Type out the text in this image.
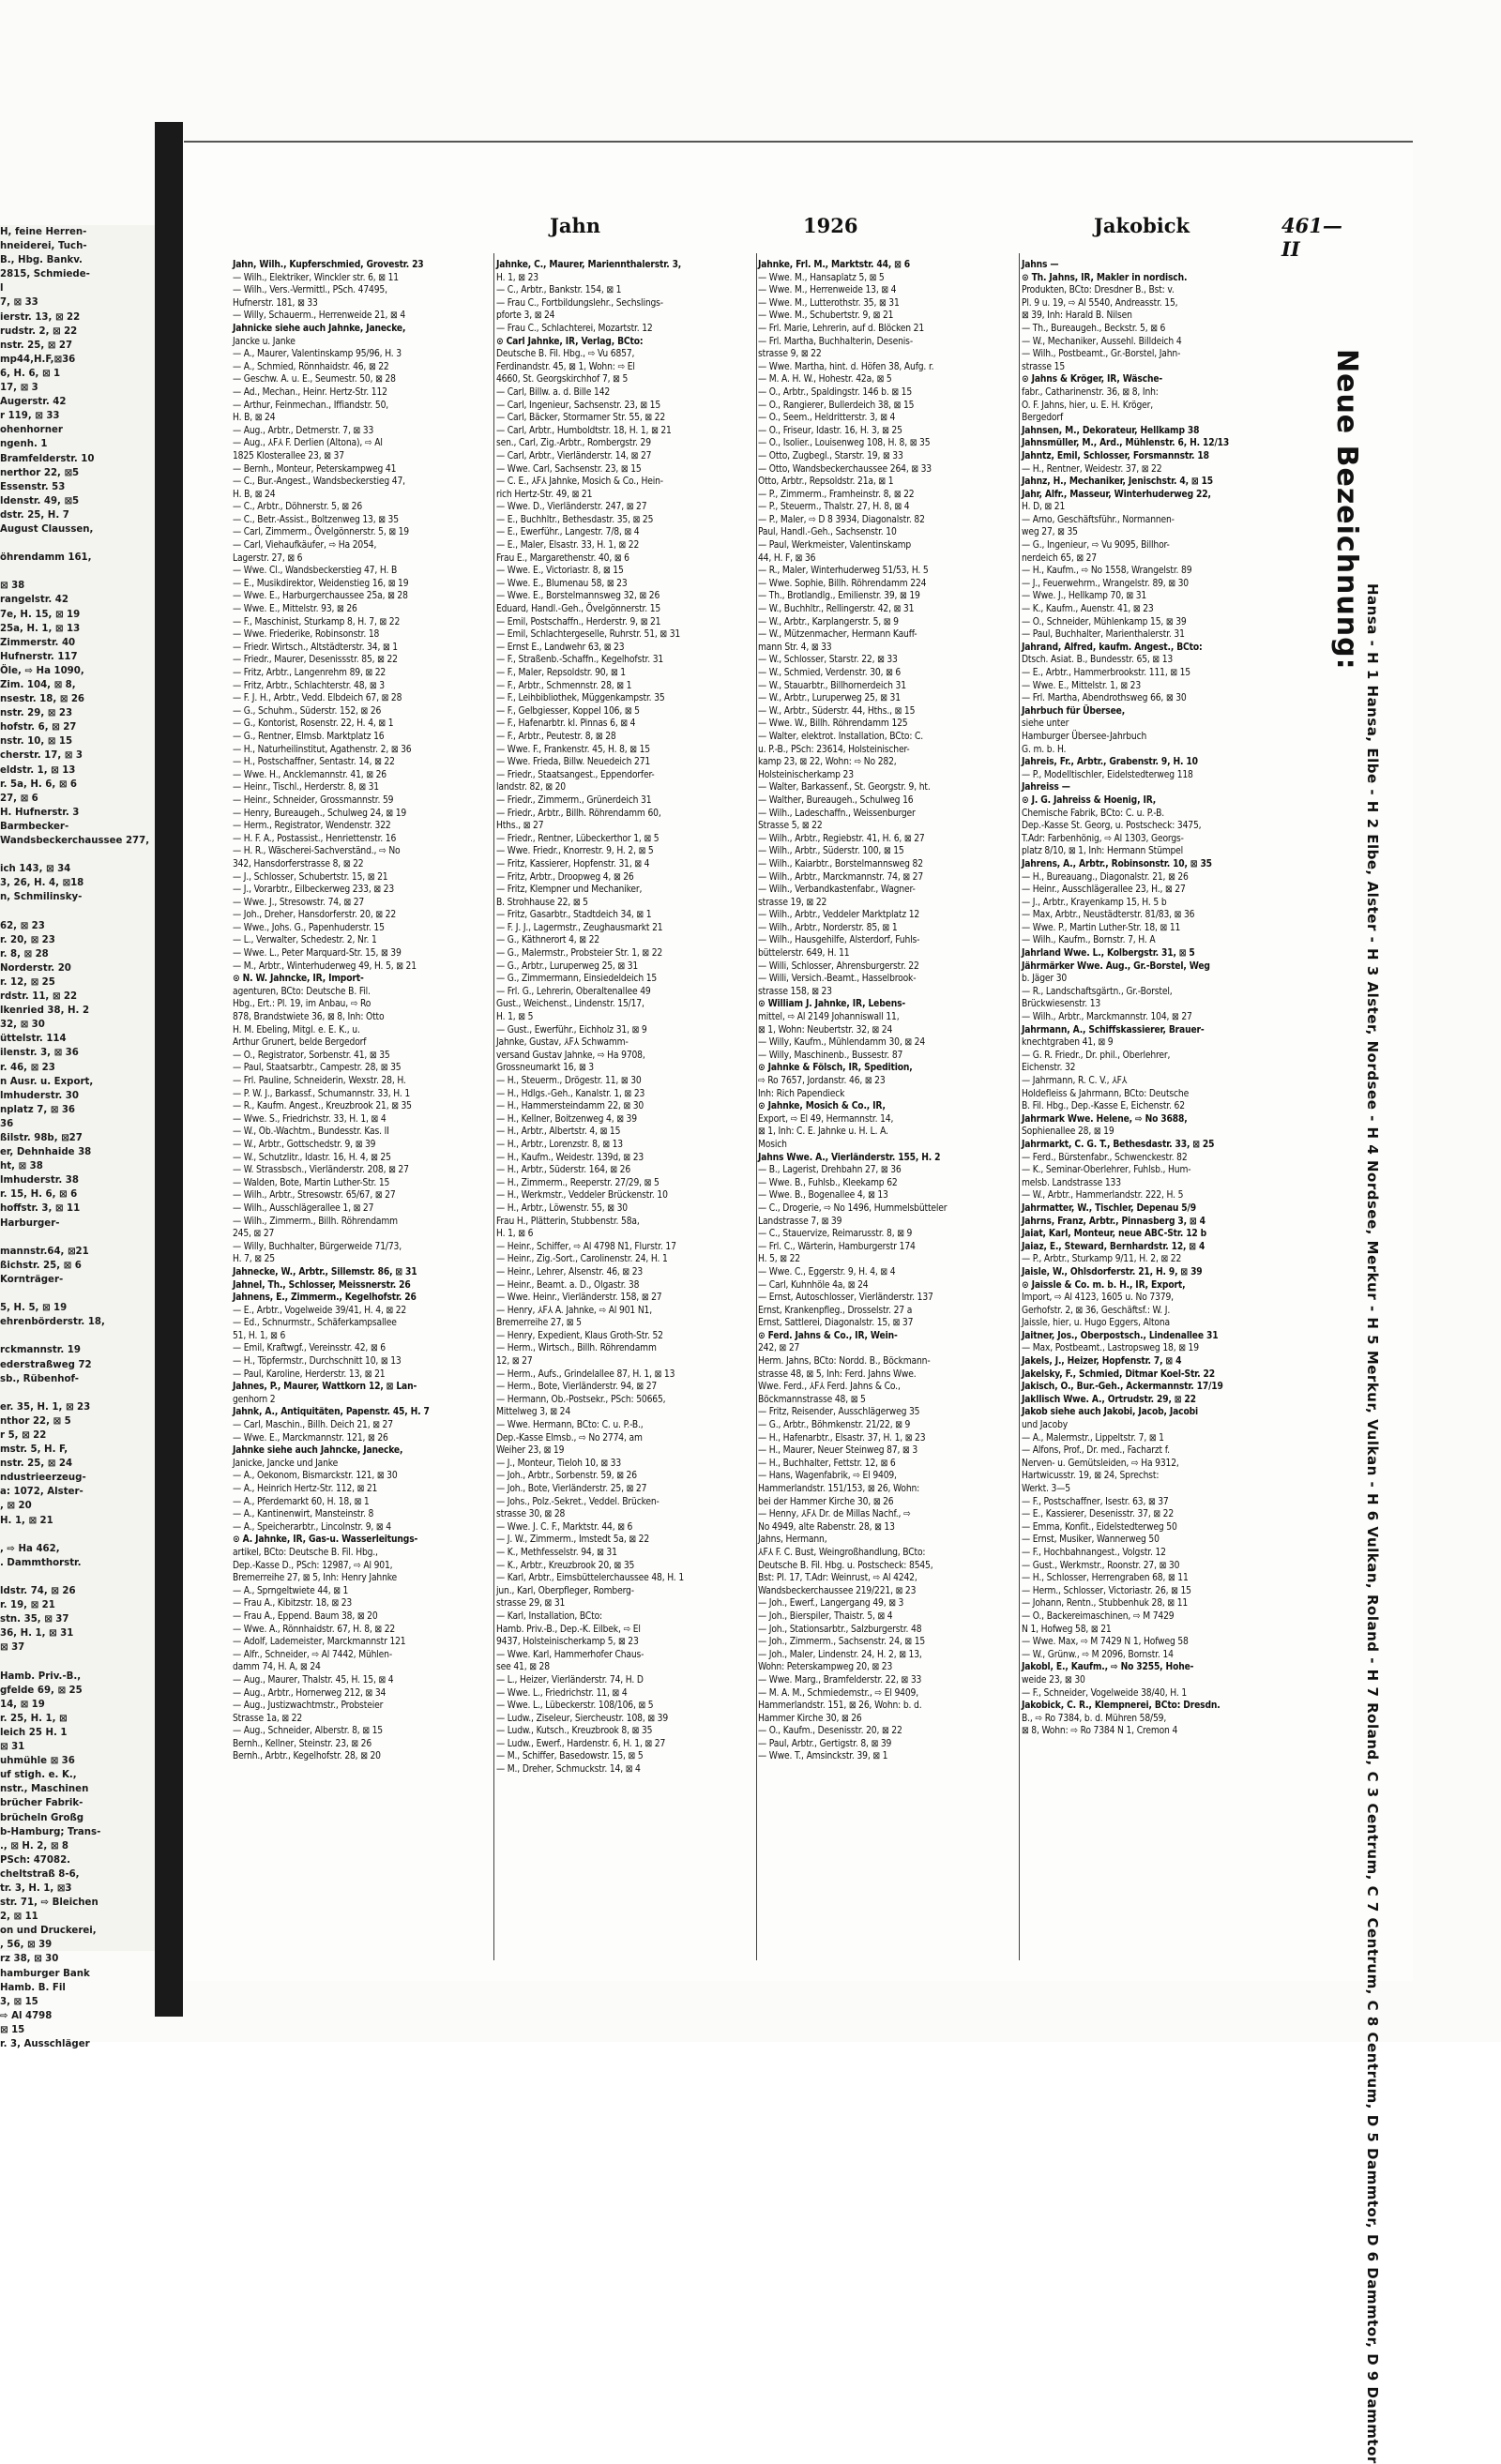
H, feine Herren-
hneiderei, Tuch-
B., Hbg. Bankv.
2815, Schmiede-
l
7, ⊠ 33
ierstr. 13, ⊠ 22
rudstr. 2, ⊠ 22
nstr. 25, ⊠ 27
mp44,H.F,⊠36
6, H. 6, ⊠ 1
17, ⊠ 3
Augerstr. 42
r 119, ⊠ 33
ohenhorner
ngenh. 1
Bramfelderstr. 10
nerthor 22, ⊠5
Essenstr. 53
ldenstr. 49, ⊠5
dstr. 25, H. 7
August Claussen,

öhrendamm 161,

⊠ 38
rangelstr. 42
7e, H. 15, ⊠ 19
25a, H. 1, ⊠ 13
Zimmerstr. 40
Hufnerstr. 117
Öle, ⇨ Ha 1090,
Zim. 104, ⊠ 8,
nsestr. 18, ⊠ 26
nstr. 29, ⊠ 23
hofstr. 6, ⊠ 27
nstr. 10, ⊠ 15
cherstr. 17, ⊠ 3
eldstr. 1, ⊠ 13
r. 5a, H. 6, ⊠ 6
27, ⊠ 6
H. Hufnerstr. 3
Barmbecker-
Wandsbeckerchaussee 277,

ich 143, ⊠ 34
3, 26, H. 4, ⊠18
n, Schmilinsky-

62, ⊠ 23
r. 20, ⊠ 23
r. 8, ⊠ 28
Norderstr. 20
r. 12, ⊠ 25
rdstr. 11, ⊠ 22
lkenried 38, H. 2
32, ⊠ 30
üttelstr. 114
ilenstr. 3, ⊠ 36
r. 46, ⊠ 23
n Ausr. u. Export,
lmhuderstr. 30
nplatz 7, ⊠ 36
36
ßilstr. 98b, ⊠27
er, Dehnhaide 38
ht, ⊠ 38
lmhuderstr. 38
r. 15, H. 6, ⊠ 6
hoffstr. 3, ⊠ 11
Harburger-

mannstr.64, ⊠21
ßichstr. 25, ⊠ 6
Kornträger-

5, H. 5, ⊠ 19
ehrenbörderstr. 18,

rckmannstr. 19
ederstraßweg 72
sb., Rübenhof-

er. 35, H. 1, ⊠ 23
nthor 22, ⊠ 5
r 5, ⊠ 22
mstr. 5, H. F,
nstr. 25, ⊠ 24
ndustrieerzeug-
a: 1072, Alster-
, ⊠ 20
H. 1, ⊠ 21

, ⇨ Ha 462,
. Dammthorstr.

ldstr. 74, ⊠ 26
r. 19, ⊠ 21
stn. 35, ⊠ 37
36, H. 1, ⊠ 31
⊠ 37

Hamb. Priv.-B.,
gfelde 69, ⊠ 25
14, ⊠ 19
r. 25, H. 1, ⊠
leich 25 H. 1
⊠ 31
uhmühle ⊠ 36
uf stigh. e. K.,
nstr., Maschinen
brücher Fabrik-
brücheln Großg
b-Hamburg; Trans-
., ⊠ H. 2, ⊠ 8
PSch: 47082.
cheltstraß 8-6,
tr. 3, H. 1, ⊠3
str. 71, ⇨ Bleichen
2, ⊠ 11
on und Druckerei,
, 56, ⊠ 39
rz 38, ⊠ 30
hamburger Bank
Hamb. B. Fil
3, ⊠ 15
⇨ Al 4798
⊠ 15
r. 3, Ausschläger
Jahn	1926	Jakobick	461—II
Jahn, Wilh., Kupferschmied, Grovestr. 23
— Wilh., Elektriker, Winckler str. 6, ⊠ 11
— Wilh., Vers.-Vermittl., PSch. 47495,
Hufnerstr. 181, ⊠ 33
— Willy, Schauerm., Herrenweide 21, ⊠ 4
Jahnicke siehe auch Jahnke, Janecke,
Jancke u. Janke
— A., Maurer, Valentinskamp 95/96, H. 3
— A., Schmied, Rönnhaidstr. 46, ⊠ 22
— Geschw. A. u. E., Seumestr. 50, ⊠ 28
— Ad., Mechan., Heinr. Hertz-Str. 112
— Arthur, Feinmechan., Iffiandstr. 50,
H. B, ⊠ 24
— Aug., Arbtr., Detmerstr. 7, ⊠ 33
— Aug., ⅄F⅄ F. Derlien (Altona), ⇨ Al
1825 Klosterallee 23, ⊠ 37
— Bernh., Monteur, Peterskampweg 41
— C., Bur.-Angest., Wandsbeckerstieg 47,
H. B, ⊠ 24
— C., Arbtr., Döhnerstr. 5, ⊠ 26
— C., Betr.-Assist., Boltzenweg 13, ⊠ 35
— Carl, Zimmerm., Övelgönnerstr. 5, ⊠ 19
— Carl, Viehaufkäufer, ⇨ Ha 2054,
Lagerstr. 27, ⊠ 6
— Wwe. Cl., Wandsbeckerstieg 47, H. B
— E., Musikdirektor, Weidenstieg 16, ⊠ 19
— Wwe. E., Harburgerchaussee 25a, ⊠ 28
— Wwe. E., Mittelstr. 93, ⊠ 26
— F., Maschinist, Sturkamp 8, H. 7, ⊠ 22
— Wwe. Friederike, Robinsonstr. 18
— Friedr. Wirtsch., Altstädterstr. 34, ⊠ 1
— Friedr., Maurer, Desenissstr. 85, ⊠ 22
— Fritz, Arbtr., Langenrehm 89, ⊠ 22
— Fritz, Arbtr., Schlachterstr. 48, ⊠ 3
— F. J. H., Arbtr., Vedd. Elbdeich 67, ⊠ 28
— G., Schuhm., Süderstr. 152, ⊠ 26
— G., Kontorist, Rosenstr. 22, H. 4, ⊠ 1
— G., Rentner, Elmsb. Marktplatz 16
— H., Naturheilinstitut, Agathenstr. 2, ⊠ 36
— H., Postschaffner, Sentastr. 14, ⊠ 22
— Wwe. H., Ancklemannstr. 41, ⊠ 26
— Heinr., Tischl., Herderstr. 8, ⊠ 31
— Heinr., Schneider, Grossmannstr. 59
— Henry, Bureaugeh., Schulweg 24, ⊠ 19
— Herm., Registrator, Wendenstr. 322
— H. F. A., Postassist., Henriettenstr. 16
— H. R., Wäscherei-Sachverständ., ⇨ No
342, Hansdorferstrasse 8, ⊠ 22
— J., Schlosser, Schubertstr. 15, ⊠ 21
— J., Vorarbtr., Eilbeckerweg 233, ⊠ 23
— Wwe. J., Stresowstr. 74, ⊠ 27
— Joh., Dreher, Hansdorferstr. 20, ⊠ 22
— Wwe., Johs. G., Papenhuderstr. 15
— L., Verwalter, Schedestr. 2, Nr. 1
— Wwe. L., Peter Marquard-Str. 15, ⊠ 39
— M., Arbtr., Winterhuderweg 49, H. 5, ⊠ 21
⊙ N. W. Jahncke, IR, Import-
agenturen, BCto: Deutsche B. Fil.
Hbg., Ert.: Pl. 19, im Anbau, ⇨ Ro
878, Brandstwiete 36, ⊠ 8, Inh: Otto
H. M. Ebeling, Mitgl. e. E. K., u.
Arthur Grunert, belde Bergedorf
— O., Registrator, Sorbenstr. 41, ⊠ 35
— Paul, Staatsarbtr., Campestr. 28, ⊠ 35
— Frl. Pauline, Schneiderin, Wexstr. 28, H.
— P. W. J., Barkassf., Schumannstr. 33, H. 1
— R., Kaufm. Angest., Kreuzbrook 21, ⊠ 35
— Wwe. S., Friedrichstr. 33, H. 1, ⊠ 4
— W., Ob.-Wachtm., Bundesstr. Kas. II
— W., Arbtr., Gottschedstr. 9, ⊠ 39
— W., Schutzlitr., Idastr. 16, H. 4, ⊠ 25
— W. Strassbsch., Vierländerstr. 208, ⊠ 27
— Walden, Bote, Martin Luther-Str. 15
— Wilh., Arbtr., Stresowstr. 65/67, ⊠ 27
— Wilh., Ausschlägerallee 1, ⊠ 27
— Wilh., Zimmerm., Billh. Röhrendamm
245, ⊠ 27
— Willy, Buchhalter, Bürgerweide 71/73,
H. 7, ⊠ 25
Jahnecke, W., Arbtr., Sillemstr. 86, ⊠ 31
Jahnel, Th., Schlosser, Meissnerstr. 26
Jahnens, E., Zimmerm., Kegelhofstr. 26
— E., Arbtr., Vogelweide 39/41, H. 4, ⊠ 22
— Ed., Schnurmstr., Schäferkampsallee
51, H. 1, ⊠ 6
— Emil, Kraftwgf., Vereinsstr. 42, ⊠ 6
— H., Töpfermstr., Durchschnitt 10, ⊠ 13
— Paul, Karoline, Herderstr. 13, ⊠ 21
Jahnes, P., Maurer, Wattkorn 12, ⊠ Lan-
genhorn 2
Jahnk, A., Antiquitäten, Papenstr. 45, H. 7
— Carl, Maschin., Billh. Deich 21, ⊠ 27
— Wwe. E., Marckmannstr. 121, ⊠ 26
Jahnke siehe auch Jahncke, Janecke,
Janicke, Jancke und Janke
— A., Oekonom, Bismarckstr. 121, ⊠ 30
— A., Heinrich Hertz-Str. 112, ⊠ 21
— A., Pferdemarkt 60, H. 18, ⊠ 1
— A., Kantinenwirt, Mansteinstr. 8
— A., Speicherarbtr., Lincolnstr. 9, ⊠ 4
⊙ A. Jahnke, IR, Gas-u. Wasserleitungs-
artikel, BCto: Deutsche B. Fil. Hbg.,
Dep.-Kasse D., PSch: 12987, ⇨ Al 901,
Bremerreihe 27, ⊠ 5, Inh: Henry Jahnke
— A., Sprngeltwiete 44, ⊠ 1
— Frau A., Kibitzstr. 18, ⊠ 23
— Frau A., Eppend. Baum 38, ⊠ 20
— Wwe. A., Rönnhaidstr. 67, H. 8, ⊠ 22
— Adolf, Lademeister, Marckmannstr 121
— Alfr., Schneider, ⇨ Al 7442, Mühlen-
damm 74, H. A, ⊠ 24
— Aug., Maurer, Thalstr. 45, H. 15, ⊠ 4
— Aug., Arbtr., Hornerweg 212, ⊠ 34
— Aug., Justizwachtmstr., Probsteier
Strasse 1a, ⊠ 22
— Aug., Schneider, Alberstr. 8, ⊠ 15
Bernh., Kellner, Steinstr. 23, ⊠ 26
Bernh., Arbtr., Kegelhofstr. 28, ⊠ 20
Jahnke, C., Maurer, Mariennthalerstr. 3,
H. 1, ⊠ 23
— C., Arbtr., Bankstr. 154, ⊠ 1
— Frau C., Fortbildungslehr., Sechslings-
pforte 3, ⊠ 24
— Frau C., Schlachterei, Mozartstr. 12
⊙ Carl Jahnke, IR, Verlag, BCto:
Deutsche B. Fil. Hbg., ⇨ Vu 6857,
Ferdinandstr. 45, ⊠ 1, Wohn: ⇨ El
4660, St. Georgskirchhof 7, ⊠ 5
— Carl, Billw. a. d. Bille 142
— Carl, Ingenieur, Sachsenstr. 23, ⊠ 15
— Carl, Bäcker, Stormarner Str. 55, ⊠ 22
— Carl, Arbtr., Humboldtstr. 18, H. 1, ⊠ 21
sen., Carl, Zig.-Arbtr., Rombergstr. 29
— Carl, Arbtr., Vierländerstr. 14, ⊠ 27
— Wwe. Carl, Sachsenstr. 23, ⊠ 15
— C. E., ⅄F⅄ Jahnke, Mosich & Co., Hein-
rich Hertz-Str. 49, ⊠ 21
— Wwe. D., Vierländerstr. 247, ⊠ 27
— E., Buchhltr., Bethesdastr. 35, ⊠ 25
— E., Ewerführ., Langestr. 7/8, ⊠ 4
— E., Maler, Elsastr. 33, H. 1, ⊠ 22
Frau E., Margarethenstr. 40, ⊠ 6
— Wwe. E., Victoriastr. 8, ⊠ 15
— Wwe. E., Blumenau 58, ⊠ 23
— Wwe. E., Borstelmannsweg 32, ⊠ 26
Eduard, Handl.-Geh., Övelgönnerstr. 15
— Emil, Postschaffn., Herderstr. 9, ⊠ 21
— Emil, Schlachtergeselle, Ruhrstr. 51, ⊠ 31
— Ernst E., Landwehr 63, ⊠ 23
— F., Straßenb.-Schaffn., Kegelhofstr. 31
— F., Maler, Repsoldstr. 90, ⊠ 1
— F., Arbtr., Schmennstr. 28, ⊠ 1
— F., Leihbibliothek, Müggenkampstr. 35
— F., Gelbgiesser, Koppel 106, ⊠ 5
— F., Hafenarbtr. kl. Pinnas 6, ⊠ 4
— F., Arbtr., Peutestr. 8, ⊠ 28
— Wwe. F., Frankenstr. 45, H. 8, ⊠ 15
— Wwe. Frieda, Billw. Neuedeich 271
— Friedr., Staatsangest., Eppendorfer-
landstr. 82, ⊠ 20
— Friedr., Zimmerm., Grünerdeich 31
— Friedr., Arbtr., Billh. Röhrendamm 60,
Hths., ⊠ 27
— Friedr., Rentner, Lübeckerthor 1, ⊠ 5
— Wwe. Friedr., Knorrestr. 9, H. 2, ⊠ 5
— Fritz, Kassierer, Hopfenstr. 31, ⊠ 4
— Fritz, Arbtr., Droopweg 4, ⊠ 26
— Fritz, Klempner und Mechaniker,
B. Strohhause 22, ⊠ 5
— Fritz, Gasarbtr., Stadtdeich 34, ⊠ 1
— F. J. J., Lagermstr., Zeughausmarkt 21
— G., Käthnerort 4, ⊠ 22
— G., Malermstr., Probsteier Str. 1, ⊠ 22
— G., Arbtr., Luruperweg 25, ⊠ 31
— G., Zimmermann, Einsiedeldeich 15
— Frl. G., Lehrerin, Oberaltenallee 49
Gust., Weichenst., Lindenstr. 15/17,
H. 1, ⊠ 5
— Gust., Ewerführ., Eichholz 31, ⊠ 9
Jahnke, Gustav, ⅄F⅄ Schwamm-
versand Gustav Jahnke, ⇨ Ha 9708,
Grossneumarkt 16, ⊠ 3
— H., Steuerm., Drögestr. 11, ⊠ 30
— H., Hdlgs.-Geh., Kanalstr. 1, ⊠ 23
— H., Hammersteindamm 22, ⊠ 30
— H., Kellner, Boitzenweg 4, ⊠ 39
— H., Arbtr., Albertstr. 4, ⊠ 15
— H., Arbtr., Lorenzstr. 8, ⊠ 13
— H., Kaufm., Weidestr. 139d, ⊠ 23
— H., Arbtr., Süderstr. 164, ⊠ 26
— H., Zimmerm., Reeperstr. 27/29, ⊠ 5
— H., Werkmstr., Veddeler Brückenstr. 10
— H., Arbtr., Löwenstr. 55, ⊠ 30
Frau H., Plätterin, Stubbenstr. 58a,
H. 1, ⊠ 6
— Heinr., Schiffer, ⇨ Al 4798 N1, Flurstr. 17
— Heinr., Zig.-Sort., Carolinenstr. 24, H. 1
— Heinr., Lehrer, Alsenstr. 46, ⊠ 23
— Heinr., Beamt. a. D., Olgastr. 38
— Wwe. Heinr., Vierländerstr. 158, ⊠ 27
— Henry, ⅄F⅄ A. Jahnke, ⇨ Al 901 N1,
Bremerreihe 27, ⊠ 5
— Henry, Expedient, Klaus Groth-Str. 52
— Herm., Wirtsch., Billh. Röhrendamm
12, ⊠ 27
— Herm., Aufs., Grindelallee 87, H. 1, ⊠ 13
— Herm., Bote, Vierländerstr. 94, ⊠ 27
— Hermann, Ob.-Postsekr., PSch: 50665,
Mittelweg 3, ⊠ 24
— Wwe. Hermann, BCto: C. u. P.-B.,
Dep.-Kasse Elmsb., ⇨ No 2774, am
Weiher 23, ⊠ 19
— J., Monteur, Tieloh 10, ⊠ 33
— Joh., Arbtr., Sorbenstr. 59, ⊠ 26
— Joh., Bote, Vierländerstr. 25, ⊠ 27
— Johs., Polz.-Sekret., Veddel. Brücken-
strasse 30, ⊠ 28
— Wwe. J. C. F., Marktstr. 44, ⊠ 6
— J. W., Zimmerm., Imstedt 5a, ⊠ 22
— K., Methfesselstr. 94, ⊠ 31
— K., Arbtr., Kreuzbrook 20, ⊠ 35
— Karl, Arbtr., Eimsbüttelerchaussee 48, H. 1
jun., Karl, Oberpfleger, Romberg-
strasse 29, ⊠ 31
— Karl, Installation, BCto:
Hamb. Priv.-B., Dep.-K. Eilbek, ⇨ El
9437, Holsteinischerkamp 5, ⊠ 23
— Wwe. Karl, Hammerhofer Chaus-
see 41, ⊠ 28
— L., Heizer, Vierländerstr. 74, H. D
— Wwe. L., Friedrichstr. 11, ⊠ 4
— Wwe. L., Lübeckerstr. 108/106, ⊠ 5
— Ludw., Ziseleur, Siercheustr. 108, ⊠ 39
— Ludw., Kutsch., Kreuzbrook 8, ⊠ 35
— Ludw., Ewerf., Hardenstr. 6, H. 1, ⊠ 27
— M., Schiffer, Basedowstr. 15, ⊠ 5
— M., Dreher, Schmuckstr. 14, ⊠ 4
Jahnke, Frl. M., Marktstr. 44, ⊠ 6
— Wwe. M., Hansaplatz 5, ⊠ 5
— Wwe. M., Herrenweide 13, ⊠ 4
— Wwe. M., Lutterothstr. 35, ⊠ 31
— Wwe. M., Schubertstr. 9, ⊠ 21
— Frl. Marie, Lehrerin, auf d. Blöcken 21
— Frl. Martha, Buchhalterin, Desenis-
strasse 9, ⊠ 22
— Wwe. Martha, hint. d. Höfen 38, Aufg. r.
— M. A. H. W., Hohestr. 42a, ⊠ 5
— O., Arbtr., Spaldingstr. 146 b. ⊠ 15
— O., Rangierer, Bullerdeich 38, ⊠ 15
— O., Seem., Heldritterstr. 3, ⊠ 4
— O., Friseur, Idastr. 16, H. 3, ⊠ 25
— O., Isolier., Louisenweg 108, H. 8, ⊠ 35
— Otto, Zugbegl., Starstr. 19, ⊠ 33
— Otto, Wandsbeckerchaussee 264, ⊠ 33
Otto, Arbtr., Repsoldstr. 21a, ⊠ 1
— P., Zimmerm., Framheinstr. 8, ⊠ 22
— P., Steuerm., Thalstr. 27, H. 8, ⊠ 4
— P., Maler, ⇨ D 8 3934, Diagonalstr. 82
Paul, Handl.-Geh., Sachsenstr. 10
— Paul, Werkmeister, Valentinskamp
44, H. F, ⊠ 36
— R., Maler, Winterhuderweg 51/53, H. 5
— Wwe. Sophie, Billh. Röhrendamm 224
— Th., Brotlandlg., Emilienstr. 39, ⊠ 19
— W., Buchhltr., Rellingerstr. 42, ⊠ 31
— W., Arbtr., Karplangerstr. 5, ⊠ 9
— W., Mützenmacher, Hermann Kauff-
mann Str. 4, ⊠ 33
— W., Schlosser, Starstr. 22, ⊠ 33
— W., Schmied, Verdenstr. 30, ⊠ 6
— W., Stauarbtr., Billhornerdeich 31
— W., Arbtr., Luruperweg 25, ⊠ 31
— W., Arbtr., Süderstr. 44, Hths., ⊠ 15
— Wwe. W., Billh. Röhrendamm 125
— Walter, elektrot. Installation, BCto: C.
u. P.-B., PSch: 23614, Holsteinischer-
kamp 23, ⊠ 22, Wohn: ⇨ No 282,
Holsteinischerkamp 23
— Walter, Barkassenf., St. Georgstr. 9, ht.
— Walther, Bureaugeh., Schulweg 16
— Wilh., Ladeschaffn., Weissenburger
Strasse 5, ⊠ 22
— Wilh., Arbtr., Regiebstr. 41, H. 6, ⊠ 27
— Wilh., Arbtr., Süderstr. 100, ⊠ 15
— Wilh., Kaiarbtr., Borstelmannsweg 82
— Wilh., Arbtr., Marckmannstr. 74, ⊠ 27
— Wilh., Verbandkastenfabr., Wagner-
strasse 19, ⊠ 22
— Wilh., Arbtr., Veddeler Marktplatz 12
— Wilh., Arbtr., Norderstr. 85, ⊠ 1
— Wilh., Hausgehilfe, Alsterdorf, Fuhls-
büttelerstr. 649, H. 11
— Willi, Schlosser, Ahrensburgerstr. 22
— Willi, Versich.-Beamt., Hasselbrook-
strasse 158, ⊠ 23
⊙ William J. Jahnke, IR, Lebens-
mittel, ⇨ Al 2149 Johanniswall 11,
⊠ 1, Wohn: Neubertstr. 32, ⊠ 24
— Willy, Kaufm., Mühlendamm 30, ⊠ 24
— Willy, Maschinenb., Bussestr. 87
⊙ Jahnke & Fölsch, IR, Spedition,
⇨ Ro 7657, Jordanstr. 46, ⊠ 23
Inh: Rich Papendieck
⊙ Jahnke, Mosich & Co., IR,
Export, ⇨ El 49, Hermannstr. 14,
⊠ 1, Inh: C. E. Jahnke u. H. L. A.
Mosich
Jahns Wwe. A., Vierländerstr. 155, H. 2
— B., Lagerist, Drehbahn 27, ⊠ 36
— Wwe. B., Fuhlsb., Kleekamp 62
— Wwe. B., Bogenallee 4, ⊠ 13
— C., Drogerie, ⇨ No 1496, Hummelsbütteler
Landstrasse 7, ⊠ 39
— C., Stauervize, Reimarusstr. 8, ⊠ 9
— Frl. C., Wärterin, Hamburgerstr 174
H. 5, ⊠ 22
— Wwe. C., Eggerstr. 9, H. 4, ⊠ 4
— Carl, Kuhnhöle 4a, ⊠ 24
— Ernst, Autoschlosser, Vierländerstr. 137
Ernst, Krankenpfleg., Drosselstr. 27 a
Ernst, Sattlerei, Diagonalstr. 15, ⊠ 37
⊙ Ferd. Jahns & Co., IR, Wein-
242, ⊠ 27
Herm. Jahns, BCto: Nordd. B., Böckmann-
strasse 48, ⊠ 5, Inh: Ferd. Jahns Wwe.
Wwe. Ferd., ⅄F⅄ Ferd. Jahns & Co.,
Böckmannstrasse 48, ⊠ 5
— Fritz, Reisender, Ausschlägerweg 35
— G., Arbtr., Böhmkenstr. 21/22, ⊠ 9
— H., Hafenarbtr., Elsastr. 37, H. 1, ⊠ 23
— H., Maurer, Neuer Steinweg 87, ⊠ 3
— H., Buchhalter, Fettstr. 12, ⊠ 6
— Hans, Wagenfabrik, ⇨ El 9409,
Hammerlandstr. 151/153, ⊠ 26, Wohn:
bei der Hammer Kirche 30, ⊠ 26
— Henny, ⅄F⅄ Dr. de Millas Nachf., ⇨
No 4949, alte Rabenstr. 28, ⊠ 13
Jahns, Hermann,
⅄F⅄ F. C. Bust, Weingroßhandlung, BCto:
Deutsche B. Fil. Hbg. u. Postscheck: 8545,
Bst: Pl. 17, T.Adr: Weinrust, ⇨ Al 4242,
Wandsbeckerchaussee 219/221, ⊠ 23
— Joh., Ewerf., Langergang 49, ⊠ 3
— Joh., Bierspiler, Thaistr. 5, ⊠ 4
— Joh., Stationsarbtr., Salzburgerstr. 48
— Joh., Zimmerm., Sachsenstr. 24, ⊠ 15
— Joh., Maler, Lindenstr. 24, H. 2, ⊠ 13,
Wohn: Peterskampweg 20, ⊠ 23
— Wwe. Marg., Bramfelderstr. 22, ⊠ 33
— M. A. M., Schmiedemstr., ⇨ El 9409,
Hammerlandstr. 151, ⊠ 26, Wohn: b. d.
Hammer Kirche 30, ⊠ 26
— O., Kaufm., Desenisstr. 20, ⊠ 22
— Paul, Arbtr., Gertigstr. 8, ⊠ 39
— Wwe. T., Amsinckstr. 39, ⊠ 1
Jahns —
⊙ Th. Jahns, IR, Makler in nordisch.
Produkten, BCto: Dresdner B., Bst: v.
Pl. 9 u. 19, ⇨ Al 5540, Andreasstr. 15,
⊠ 39, Inh: Harald B. Nilsen
— Th., Bureaugeh., Beckstr. 5, ⊠ 6
— W., Mechaniker, Aussehl. Billdeich 4
— Wilh., Postbeamt., Gr.-Borstel, Jahn-
strasse 15
⊙ Jahns & Kröger, IR, Wäsche-
fabr., Catharinenstr. 36, ⊠ 8, Inh:
O. F. Jahns, hier, u. E. H. Kröger,
Bergedorf
Jahnsen, M., Dekorateur, Hellkamp 38
Jahnsmüller, M., Ard., Mühlenstr. 6, H. 12/13
Jahntz, Emil, Schlosser, Forsmannstr. 18
— H., Rentner, Weidestr. 37, ⊠ 22
Jahnz, H., Mechaniker, Jenischstr. 4, ⊠ 15
Jahr, Alfr., Masseur, Winterhuderweg 22,
H. D, ⊠ 21
— Arno, Geschäftsführ., Normannen-
weg 27, ⊠ 35
— G., Ingenieur, ⇨ Vu 9095, Billhor-
nerdeich 65, ⊠ 27
— H., Kaufm., ⇨ No 1558, Wrangelstr. 89
— J., Feuerwehrm., Wrangelstr. 89, ⊠ 30
— Wwe. J., Hellkamp 70, ⊠ 31
— K., Kaufm., Auenstr. 41, ⊠ 23
— O., Schneider, Mühlenkamp 15, ⊠ 39
— Paul, Buchhalter, Marienthalerstr. 31
Jahrand, Alfred, kaufm. Angest., BCto:
Dtsch. Asiat. B., Bundesstr. 65, ⊠ 13
— E., Arbtr., Hammerbrookstr. 111, ⊠ 15
— Wwe. E., Mittelstr. 1, ⊠ 23
— Frl. Martha, Abendrothsweg 66, ⊠ 30
Jahrbuch für Übersee,
siehe unter
Hamburger Übersee-Jahrbuch
G. m. b. H.
Jahreis, Fr., Arbtr., Grabenstr. 9, H. 10
— P., Modelltischler, Eidelstedterweg 118
Jahreiss —
⊙ J. G. Jahreiss & Hoenig, IR,
Chemische Fabrik, BCto: C. u. P.-B.
Dep.-Kasse St. Georg, u. Postscheck: 3475,
T.Adr: Farbenhönig, ⇨ Al 1303, Georgs-
platz 8/10, ⊠ 1, Inh: Hermann Stümpel
Jahrens, A., Arbtr., Robinsonstr. 10, ⊠ 35
— H., Bureauang., Diagonalstr. 21, ⊠ 26
— Heinr., Ausschlägerallee 23, H., ⊠ 27
— J., Arbtr., Krayenkamp 15, H. 5 b
— Max, Arbtr., Neustädterstr. 81/83, ⊠ 36
— Wwe. P., Martin Luther-Str. 18, ⊠ 11
— Wilh., Kaufm., Bornstr. 7, H. A
Jahrland Wwe. L., Kolbergstr. 31, ⊠ 5
Jährmärker Wwe. Aug., Gr.-Borstel, Weg
b. Jäger 30
— R., Landschaftsgärtn., Gr.-Borstel,
Brückwiesenstr. 13
— Wilh., Arbtr., Marckmannstr. 104, ⊠ 27
Jahrmann, A., Schiffskassierer, Brauer-
knechtgraben 41, ⊠ 9
— G. R. Friedr., Dr. phil., Oberlehrer,
Eichenstr. 32
— Jahrmann, R. C. V., ⅄F⅄
Holdefleiss & Jahrmann, BCto: Deutsche
B. Fil. Hbg., Dep.-Kasse E, Eichenstr. 62
Jahrmark Wwe. Helene, ⇨ No 3688,
Sophienallee 28, ⊠ 19
Jahrmarkt, C. G. T., Bethesdastr. 33, ⊠ 25
— Ferd., Bürstenfabr., Schwenckestr. 82
— K., Seminar-Oberlehrer, Fuhlsb., Hum-
melsb. Landstrasse 133
— W., Arbtr., Hammerlandstr. 222, H. 5
Jahrmatter, W., Tischler, Depenau 5/9
Jahrns, Franz, Arbtr., Pinnasberg 3, ⊠ 4
Jaiat, Karl, Monteur, neue ABC-Str. 12 b
Jaiaz, E., Steward, Bernhardstr. 12, ⊠ 4
— P., Arbtr., Sturkamp 9/11, H. 2, ⊠ 22
Jaisle, W., Ohlsdorferstr. 21, H. 9, ⊠ 39
⊙ Jaissle & Co. m. b. H., IR, Export,
Import, ⇨ Al 4123, 1605 u. No 7379,
Gerhofstr. 2, ⊠ 36, Geschäftsf.: W. J.
Jaissle, hier, u. Hugo Eggers, Altona
Jaitner, Jos., Oberpostsch., Lindenallee 31
— Max, Postbeamt., Lastropsweg 18, ⊠ 19
Jakels, J., Heizer, Hopfenstr. 7, ⊠ 4
Jakelsky, F., Schmied, Ditmar Koel-Str. 22
Jakisch, O., Bur.-Geh., Ackermannstr. 17/19
Jakllisch Wwe. A., Ortrudstr. 29, ⊠ 22
Jakob siehe auch Jakobi, Jacob, Jacobi
und Jacoby
— A., Malermstr., Lippeltstr. 7, ⊠ 1
— Alfons, Prof., Dr. med., Facharzt f.
Nerven- u. Gemütsleiden, ⇨ Ha 9312,
Hartwicusstr. 19, ⊠ 24, Sprechst:
Werkt. 3—5
— F., Postschaffner, Isestr. 63, ⊠ 37
— E., Kassierer, Desenisstr. 37, ⊠ 22
— Emma, Konfit., Eidelstedterweg 50
— Ernst, Musiker, Wannerweg 50
— F., Hochbahnangest., Volgstr. 12
— Gust., Werkmstr., Roonstr. 27, ⊠ 30
— H., Schlosser, Herrengraben 68, ⊠ 11
— Herm., Schlosser, Victoriastr. 26, ⊠ 15
— Johann, Rentn., Stubbenhuk 28, ⊠ 11
— O., Backereimaschinen, ⇨ M 7429
N 1, Hofweg 58, ⊠ 21
— Wwe. Max, ⇨ M 7429 N 1, Hofweg 58
— W., Grünw., ⇨ M 2096, Bornstr. 14
Jakobl, E., Kaufm., ⇨ No 3255, Hohe-
weide 23, ⊠ 30
— F., Schneider, Vogelweide 38/40, H. 1
Jakobick, C. R., Klempnerei, BCto: Dresdn.
B., ⇨ Ro 7384, b. d. Mühren 58/59,
⊠ 8, Wohn: ⇨ Ro 7384 N 1, Cremon 4
Neue Bezeichnung:
Hansa - H 1 Hansa, Elbe - H 2 Elbe, Alster - H 3 Alster, Nordsee - H 4 Nordsee, Merkur - H 5 Merkur, Vulkan - H 6 Vulkan, Roland - H 7 Roland, C 3 Centrum, C 7 Centrum, C 8 Centrum, D 5 Dammtor, D 6 Dammtor, D 9 Dammtor
